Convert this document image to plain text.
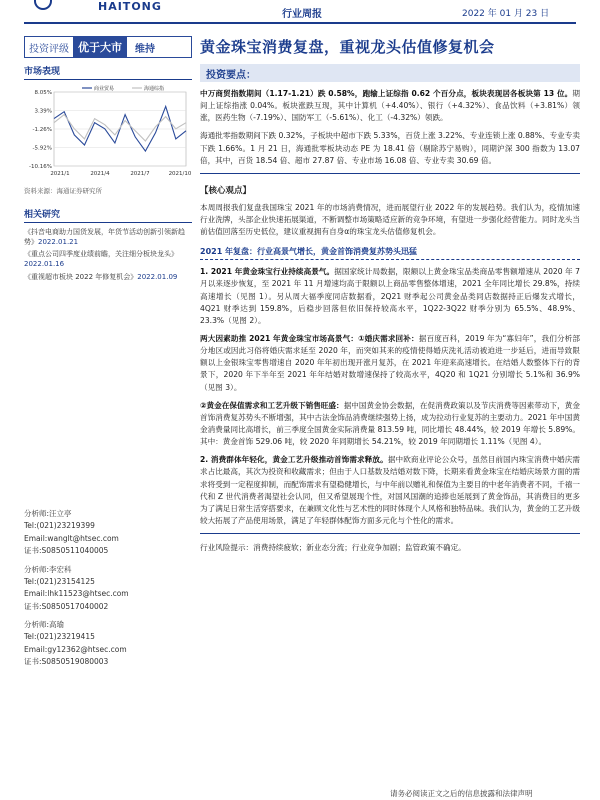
HAITONG
行业周报	2022 年 01 月 23 日
投资评级 优于大市	维持	黄金珠宝消费复盘，重视龙头估值修复机会
市场表现
8.05%
3.39%
-1.26%
-5.92%
-10.16%
2021/1	2021/4	2021/7	2021/10
商业贸易	海通综指
资料来源：海通证券研究所
相关研究
《抖音电商助力国货发展，年货节活动创新引领新趋势》2022.01.21
《重点公司四季度业绩前瞻，关注细分板块龙头》2022.01.16
《重视超市板块 2022 年修复机会》2022.01.09
分析师:汪立亭
Tel:(021)23219399
Email:wanglt@htsec.com
证书:S0850511040005
分析师:李宏科
Tel:(021)23154125
Email:lhk11523@htsec.com
证书:S0850517040002
分析师:高瑜
Tel:(021)23219415
Email:gy12362@htsec.com
证书:S0850519080003
投资要点：
中万商贸指数期间（1.17-1.21）跌 0.58%，跑输上证综指 0.62 个百分点，板块表现居各板块第 13 位。期间上证综指涨 0.04%。板块涨跌互现，其中计算机（+4.40%）、银行（+4.32%）、食品饮料（+3.81%）领涨，医药生物（-7.19%）、国防军工（-5.61%）、化工（-4.32%）领跌。
海通批零指数期间下跌 0.32%，子板块中超市下跌 5.33%，百货上涨 3.22%、专业连锁上涨 0.88%、专业专卖下跌 1.66%。1 月 21 日，海通批零板块动态 PE 为 18.41 倍（剔除苏宁易购），同期沪深 300 指数为 13.07 倍，其中，百货 18.54 倍、超市 27.87 倍、专业市场 16.08 倍、专业专卖 30.69 倍。
【核心观点】
本周周报我们复盘我国珠宝 2021 年的市场消费情况，进而展望行业 2022 年的发展趋势。我们认为，疫情加速行业洗牌，头部企业快速拓展渠道，不断调整市场策略适应新的竞争环境，有望进一步强化经营能力。同时龙头当前估值回落至历史低位，建议重视拥有自身α的珠宝龙头估值修复机会。
2021 年复盘：行业高景气增长，黄金首饰消费复苏势头迅猛
1. 2021 年黄金珠宝行业持续高景气。据国家统计局数据，限额以上黄金珠宝品类商品零售额增速从 2020 年 7 月以来逐步恢复，至 2021 年 11 月增速均高于限额以上商品零售整体增速，2021 全年同比增长 29.8%，持续高速增长（见图 1）。另从周大福季度同店数据看，2Q21 财季起公司黄金品类同店数据持正后爆发式增长，4Q21 财季达到 159.8%，后稳步回落但依旧保持较高水平，1Q22-3Q22 财季分别为 65.5%、48.9%、23.3%（见图 2）。
两大因素助推 2021 年黄金珠宝市场高景气：①婚庆需求回补：据百度百科，2019 年为“寡妇年”，我们分析部分地区或因此习俗将婚庆需求延至 2020 年，而突如其来的疫情使得婚庆洗礼活动被迫进一步延后，进而导致限额以上金银珠宝零售增速自 2020 年年初出现开涨月复苏，在 2021 年迎来高速增长。在结婚人数整体下行的背景下，2020 年下半年至 2021 年年结婚对数增速保持了较高水平，4Q20 和 1Q21 分别增长 5.1%和 36.9%（见图 3）。
②黄金在保值需求和工艺升级下销售旺盛：据中国黄金协会数据，在促消费政策以及节庆消费等因素带动下，黄金首饰消费复苏势头不断增强，其中古法金饰品消费继续强势上扬，成为拉动行业复苏的主要动力。2021 年中国黄金消费量同比高增长，前三季度全国黄金实际消费量 813.59 吨，同比增长 48.44%，较 2019 年增长 5.89%。其中：黄金首饰 529.06 吨，较 2020 年同期增长 54.21%，较 2019 年同期增长 1.11%（见图 4）。
2. 消费群体年轻化，黄金工艺升级推动首饰需求释放。据中欧商业评论公众号，虽然目前国内珠宝消费中婚庆需求占比最高，其次为投资和收藏需求；但由于人口基数及结婚对数下降，长期来看黄金珠宝在结婚庆场景方面的需求将受到一定程度抑制，而配饰需求有望稳健增长，与中年前以赠礼和保值为主要目的中老年消费者不同，千禧一代和 Z 世代消费者渴望社会认同，但又希望展现个性，对国风国潮的追捧也延展到了黄金饰品，其消费目的更多为了满足日常生活穿搭要求，在兼顾文化性与艺术性的同时体现个人风格和独特品味。我们认为，黄金的工艺升级较大拓展了产品使用场景，满足了年轻群体配饰方面多元化与个性化的需求。
行业风险提示：消费持续疲软；新业态分流；行业竞争加剧；监管政策不确定。
请务必阅读正文之后的信息披露和法律声明
